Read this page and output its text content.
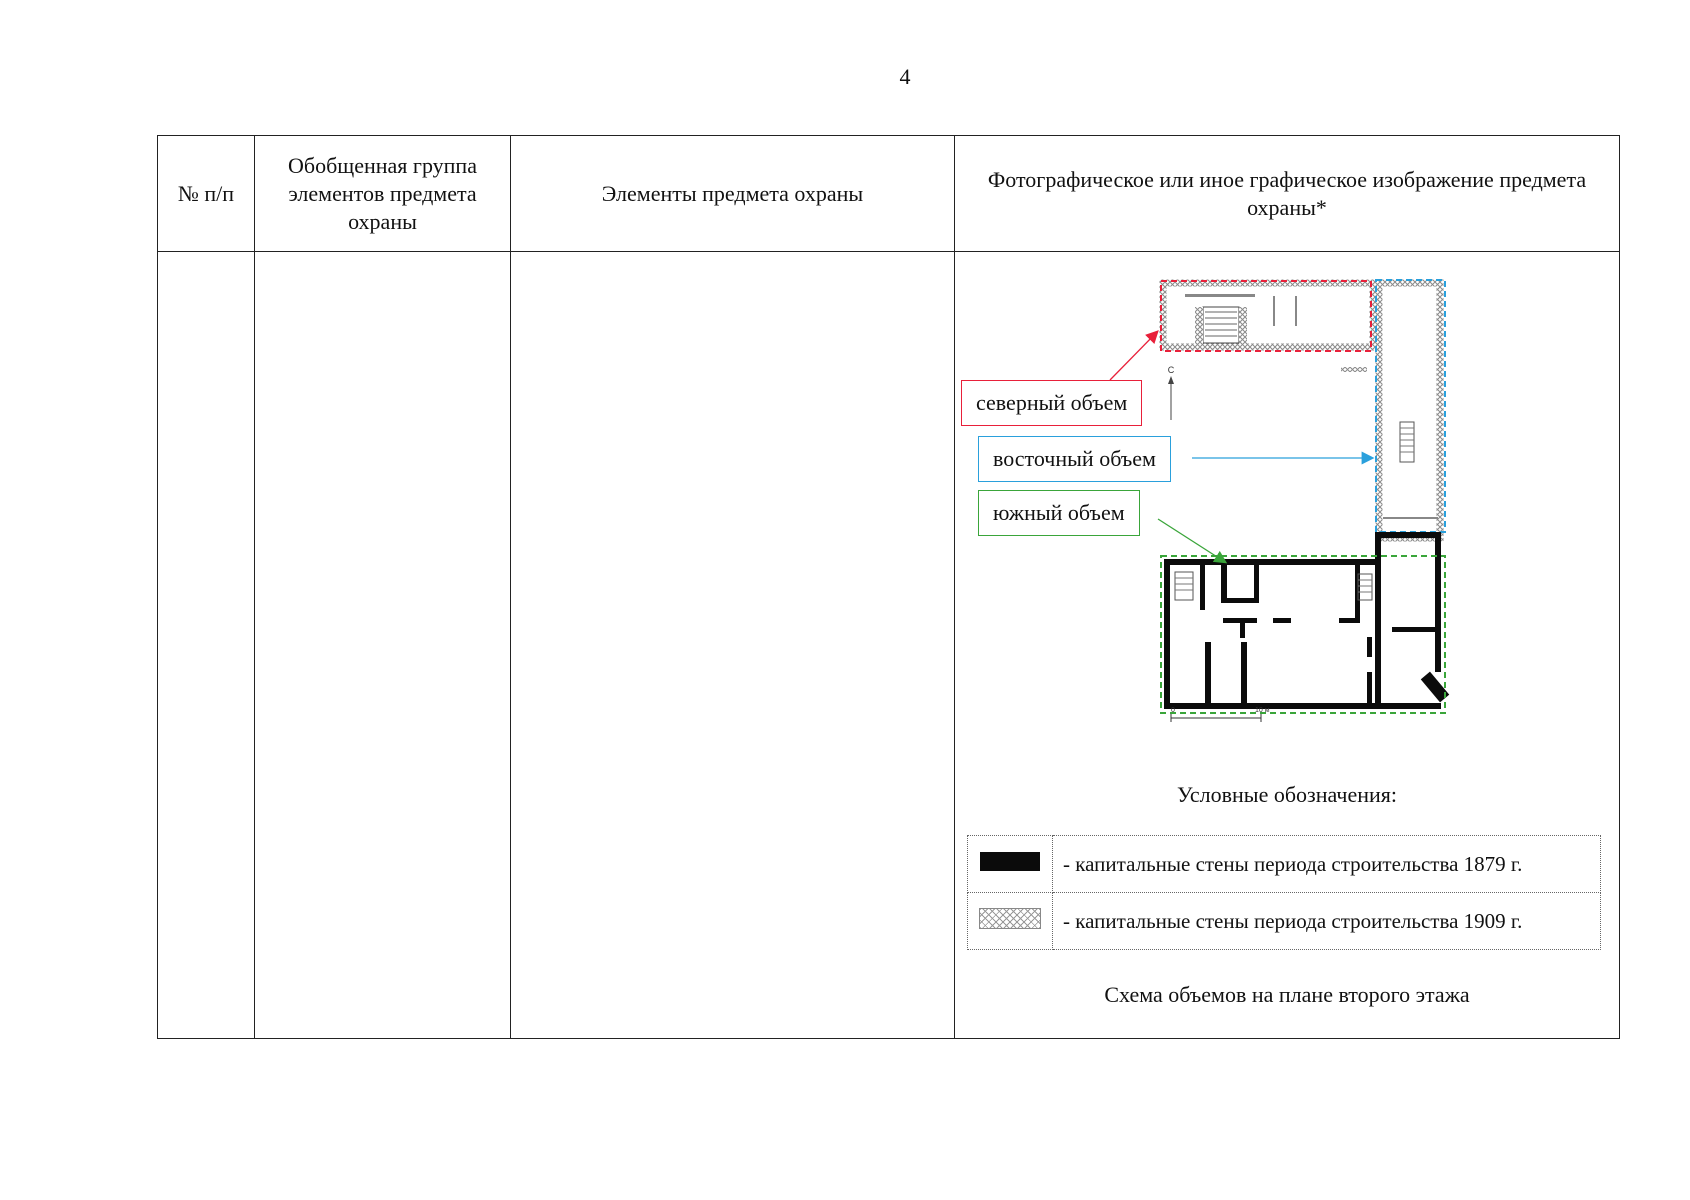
4
№ п/п	Обобщенная группа элементов предмета охраны	Элементы предмета охраны	Фотографическое или иное графическое изображение предмета охраны*

С
0	10 м
северный объем
восточный объем
южный объем
Условные обозначения:
	- капитальные стены периода строительства 1879 г.
	- капитальные стены периода строительства 1909 г.
Схема объемов на плане второго этажа
